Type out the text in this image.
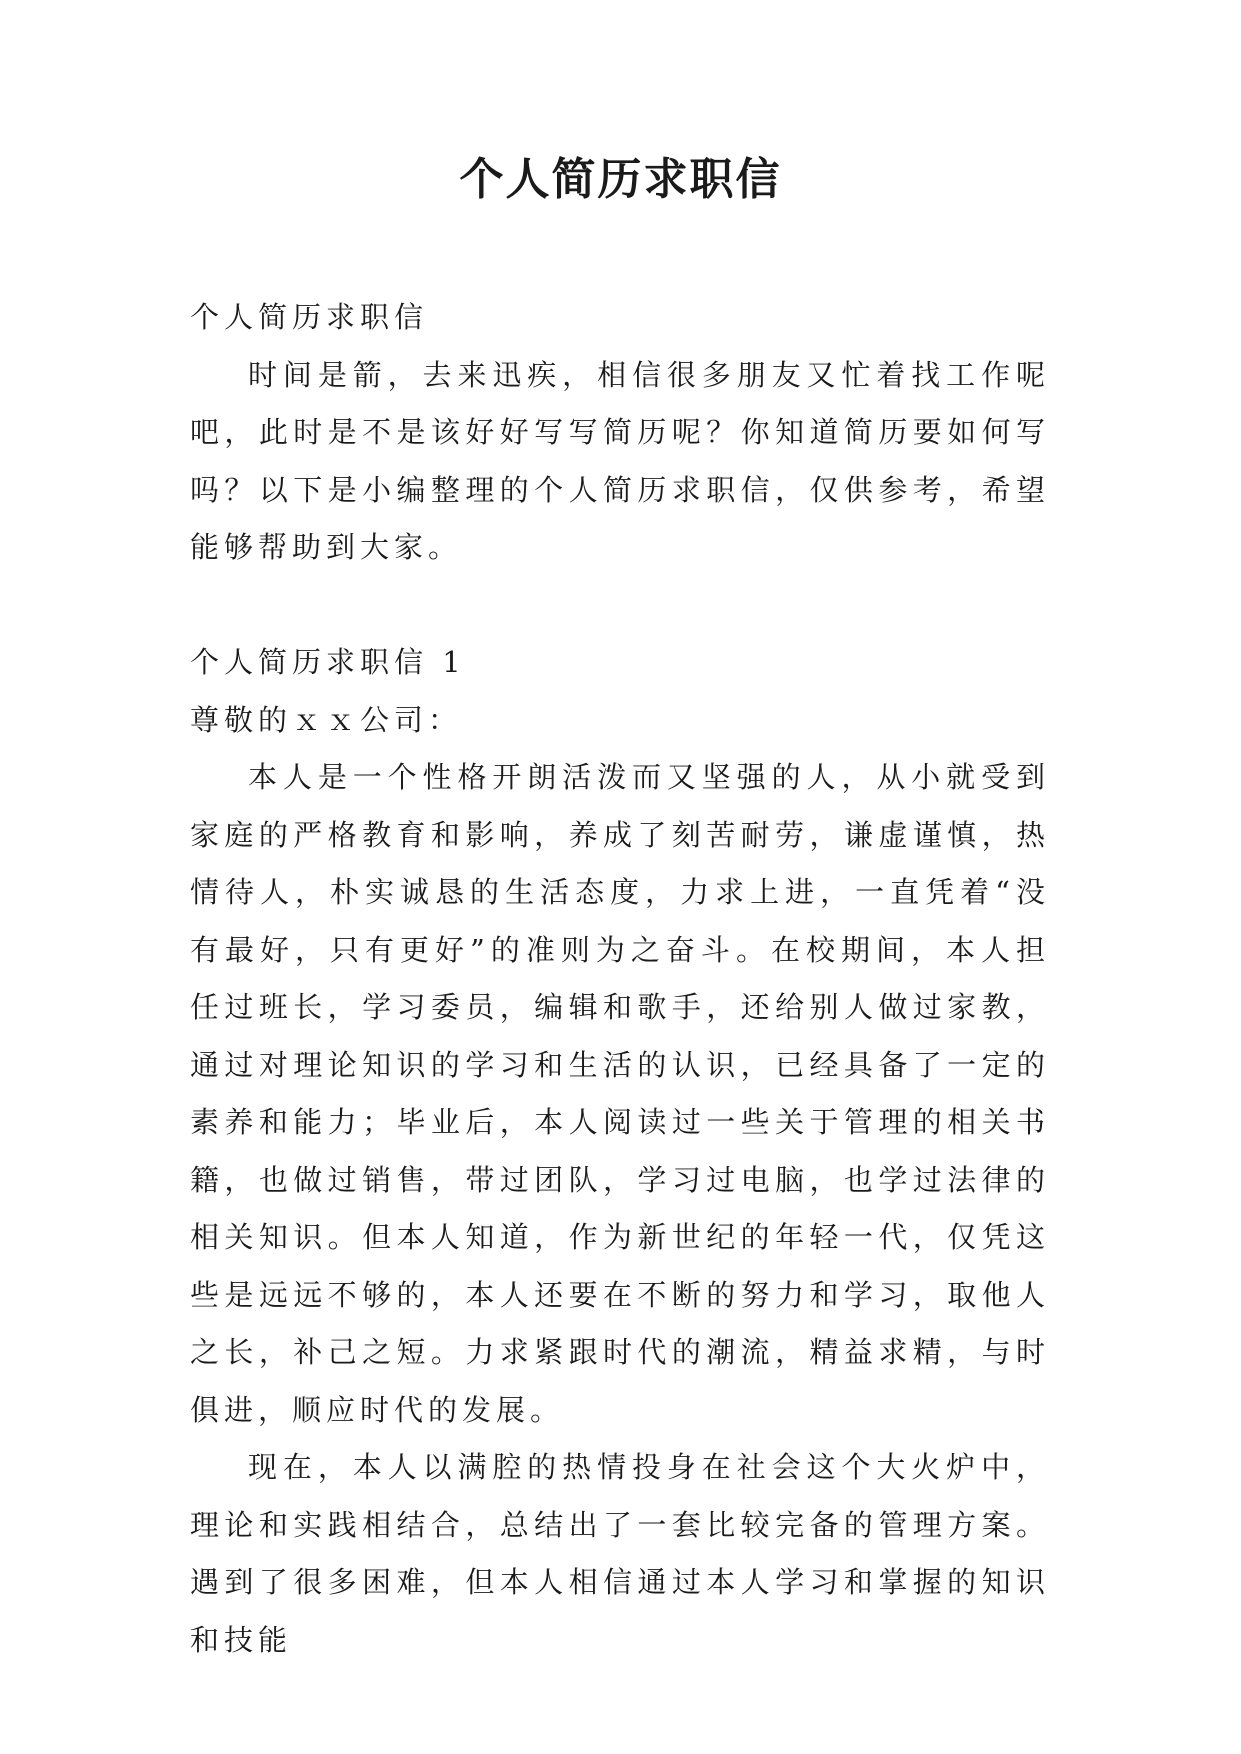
个人简历求职信

个人简历求职信

时间是箭，去来迅疾，相信很多朋友又忙着找工作呢吧，此时是不是该好好写写简历呢？你知道简历要如何写吗？以下是小编整理的个人简历求职信，仅供参考，希望能够帮助到大家。

个人简历求职信 1

尊敬的ｘｘ公司：

本人是一个性格开朗活泼而又坚强的人，从小就受到家庭的严格教育和影响，养成了刻苦耐劳，谦虚谨慎，热情待人，朴实诚恳的生活态度，力求上进，一直凭着“没有最好，只有更好”的准则为之奋斗。在校期间，本人担任过班长，学习委员，编辑和歌手，还给别人做过家教，通过对理论知识的学习和生活的认识，已经具备了一定的素养和能力；毕业后，本人阅读过一些关于管理的相关书籍，也做过销售，带过团队，学习过电脑，也学过法律的相关知识。但本人知道，作为新世纪的年轻一代，仅凭这些是远远不够的，本人还要在不断的努力和学习，取他人之长，补己之短。力求紧跟时代的潮流，精益求精，与时俱进，顺应时代的发展。

现在，本人以满腔的热情投身在社会这个大火炉中，理论和实践相结合，总结出了一套比较完备的管理方案。遇到了很多困难，但本人相信通过本人学习和掌握的知识和技能
